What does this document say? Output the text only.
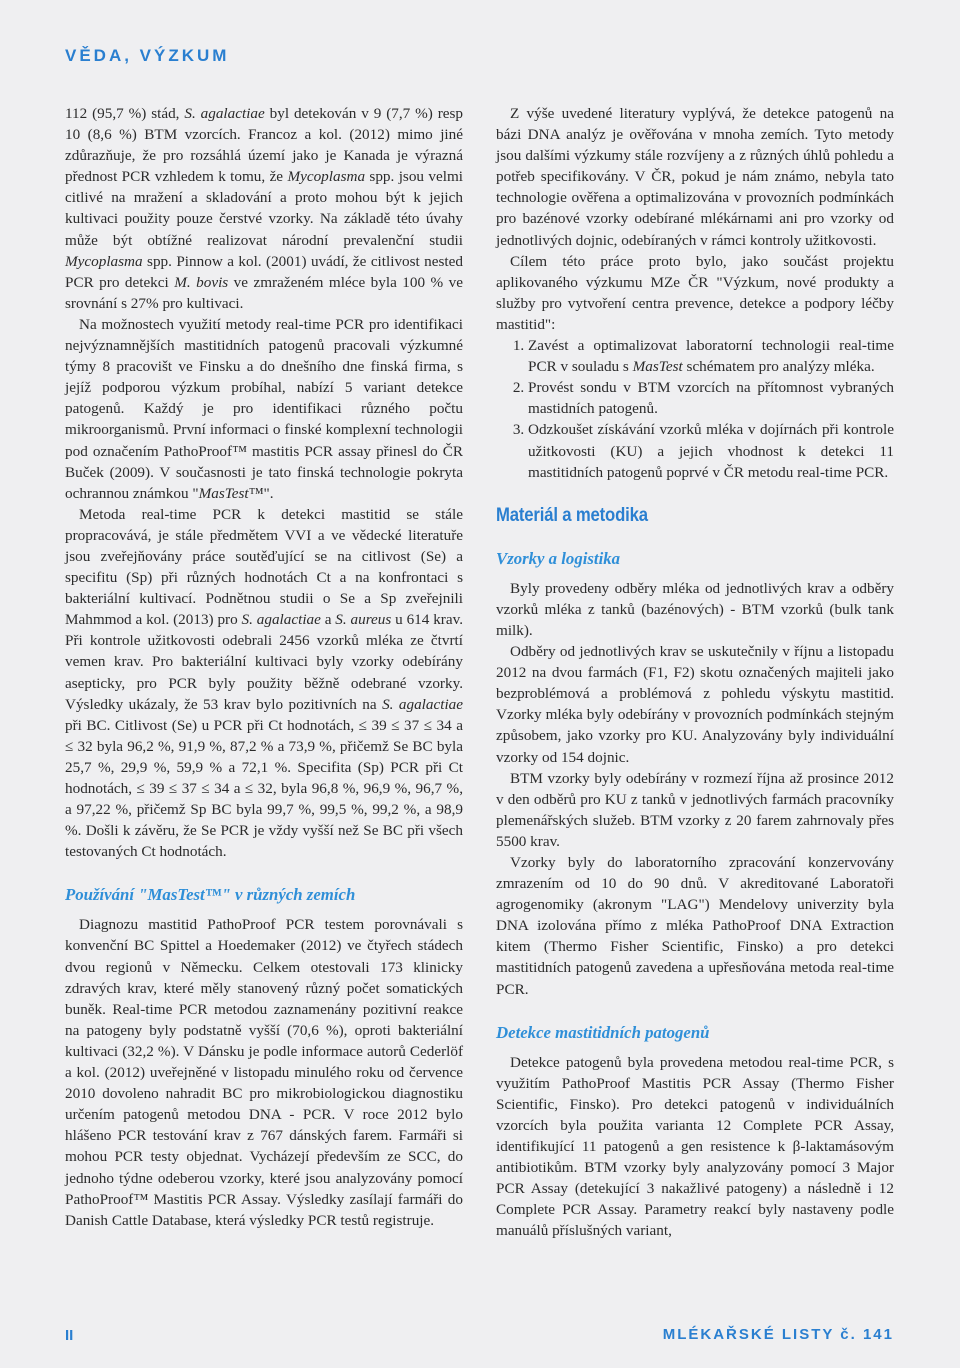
VĚDA, VÝZKUM

112 (95,7 %) stád, S. agalactiae byl detekován v 9 (7,7 %) resp 10 (8,6 %) BTM vzorcích. Francoz a kol. (2012) mimo jiné zdůrazňuje, že pro rozsáhlá území jako je Kanada je výrazná přednost PCR vzhledem k tomu, že Mycoplasma spp. jsou velmi citlivé na mražení a skladování a proto mohou být k jejich kultivaci použity pouze čerstvé vzorky. Na základě této úvahy může být obtížné realizovat národní prevalenční studii Mycoplasma spp. Pinnow a kol. (2001) uvádí, že citlivost nested PCR pro detekci M. bovis ve zmraženém mléce byla 100 % ve srovnání s 27% pro kultivaci.

Na možnostech využití metody real-time PCR pro identifikaci nejvýznamnějších mastitidních patogenů pracovali výzkumné týmy 8 pracovišt ve Finsku a do dnešního dne finská firma, s jejíž podporou výzkum probíhal, nabízí 5 variant detekce patogenů. Každý je pro identifikaci různého počtu mikroorganismů. První informaci o finské komplexní technologii pod označením PathoProof™ mastitis PCR assay přinesl do ČR Buček (2009). V současnosti je tato finská technologie pokryta ochrannou známkou "MasTest™".

Metoda real-time PCR k detekci mastitid se stále propracovává, je stále předmětem VVI a ve vědecké literatuře jsou zveřejňovány práce soutěďující se na citlivost (Se) a specifitu (Sp) při různých hodnotách Ct a na konfrontaci s bakteriální kultivací. Podnětnou studii o Se a Sp zveřejnili Mahmmod a kol. (2013) pro S. agalactiae a S. aureus u 614 krav. Při kontrole užitkovosti odebrali 2456 vzorků mléka ze čtvrtí vemen krav. Pro bakteriální kultivaci byly vzorky odebírány asepticky, pro PCR byly použity běžně odebrané vzorky. Výsledky ukázaly, že 53 krav bylo pozitivních na S. agalactiae při BC. Citlivost (Se) u PCR při Ct hodnotách, ≤ 39 ≤ 37 ≤ 34 a ≤ 32 byla 96,2 %, 91,9 %, 87,2 % a 73,9 %, přičemž Se BC byla 25,7 %, 29,9 %, 59,9 % a 72,1 %. Specifita (Sp) PCR při Ct hodnotách, ≤ 39 ≤ 37 ≤ 34 a ≤ 32, byla 96,8 %, 96,9 %, 96,7 %, a 97,22 %, přičemž Sp BC byla 99,7 %, 99,5 %, 99,2 %, a 98,9 %. Došli k závěru, že Se PCR je vždy vyšší než Se BC při všech testovaných Ct hodnotách.

Používání "MasTest™" v různých zemích

Diagnozu mastitid PathoProof PCR testem porovnávali s konvenční BC Spittel a Hoedemaker (2012) ve čtyřech stádech dvou regionů v Německu. Celkem otestovali 173 klinicky zdravých krav, které měly stanovený různý počet somatických buněk. Real-time PCR metodou zaznamenány pozitivní reakce na patogeny byly podstatně vyšší (70,6 %), oproti bakteriální kultivaci (32,2 %). V Dánsku je podle informace autorů Cederlöf a kol. (2012) uveřejněné v listopadu minulého roku od července 2010 dovoleno nahradit BC pro mikrobiologickou diagnostiku určením patogenů metodou DNA - PCR. V roce 2012 bylo hlášeno PCR testování krav z 767 dánských farem. Farmáři si mohou PCR testy objednat. Vycházejí především ze SCC, do jednoho týdne odeberou vzorky, které jsou analyzovány pomocí PathoProof™ Mastitis PCR Assay. Výsledky zasílají farmáři do Danish Cattle Database, která výsledky PCR testů registruje.

Z výše uvedené literatury vyplývá, že detekce patogenů na bázi DNA analýz je ověřována v mnoha zemích. Tyto metody jsou dalšími výzkumy stále rozvíjeny a z různých úhlů pohledu a potřeb specifikovány. V ČR, pokud je nám známo, nebyla tato technologie ověřena a optimalizována v provozních podmínkách pro bazénové vzorky odebírané mlékárnami ani pro vzorky od jednotlivých dojnic, odebíraných v rámci kontroly užitkovosti.

Cílem této práce proto bylo, jako součást projektu aplikovaného výzkumu MZe ČR "Výzkum, nové produkty a služby pro vytvoření centra prevence, detekce a podpory léčby mastitid":

1. Zavést a optimalizovat laboratorní technologii real-time PCR v souladu s MasTest schématem pro analýzy mléka.
2. Provést sondu v BTM vzorcích na přítomnost vybraných mastidních patogenů.
3. Odzkoušet získávání vzorků mléka v dojírnách při kontrole užitkovosti (KU) a jejich vhodnost k detekci 11 mastitidních patogenů poprvé v ČR metodu real-time PCR.
Materiál a metodika
Vzorky a logistika

Byly provedeny odběry mléka od jednotlivých krav a odběry vzorků mléka z tanků (bazénových) - BTM vzorků (bulk tank milk).

Odběry od jednotlivých krav se uskutečnily v říjnu a listopadu 2012 na dvou farmách (F1, F2) skotu označených majiteli jako bezproblémová a problémová z pohledu výskytu mastitid. Vzorky mléka byly odebírány v provozních podmínkách stejným způsobem, jako vzorky pro KU. Analyzovány byly individuální vzorky od 154 dojnic.

BTM vzorky byly odebírány v rozmezí října až prosince 2012 v den odběrů pro KU z tanků v jednotlivých farmách pracovníky plemenářských služeb. BTM vzorky z 20 farem zahrnovaly přes 5500 krav.

Vzorky byly do laboratorního zpracování konzervovány zmrazením od 10 do 90 dnů. V akreditované Laboratoři agrogenomiky (akronym "LAG") Mendelovy univerzity byla DNA izolována přímo z mléka PathoProof DNA Extraction kitem (Thermo Fisher Scientific, Finsko) a pro detekci mastitidních patogenů zavedena a upřesňována metoda real-time PCR.

Detekce mastitidních patogenů

Detekce patogenů byla provedena metodou real-time PCR, s využitím PathoProof Mastitis PCR Assay (Thermo Fisher Scientific, Finsko). Pro detekci patogenů v individuálních vzorcích byla použita varianta 12 Complete PCR Assay, identifikující 11 patogenů a gen resistence k β-laktamásovým antibiotikům. BTM vzorky byly analyzovány pomocí 3 Major PCR Assay (detekující 3 nakažlivé patogeny) a následně i 12 Complete PCR Assay. Parametry reakcí byly nastaveny podle manuálů příslušných variant,

II	MLÉKAŘSKÉ LISTY č. 141
